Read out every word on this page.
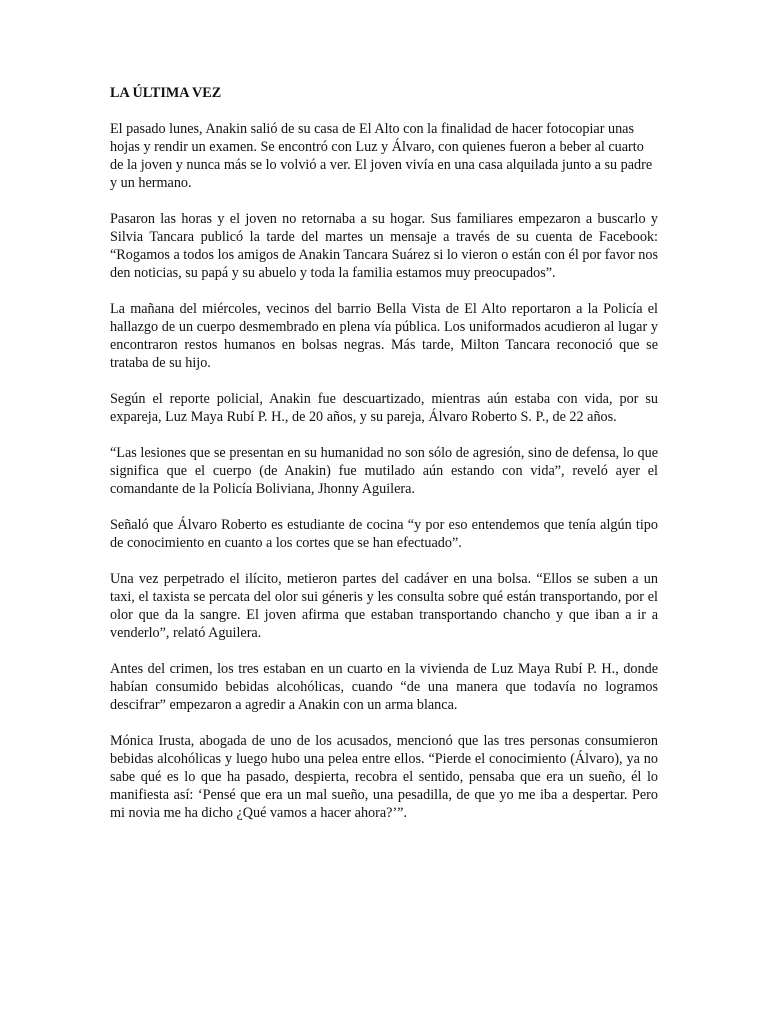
LA ÚLTIMA VEZ

El pasado lunes, Anakin salió de su casa de El Alto con la finalidad de hacer fotocopiar unas hojas y rendir un examen. Se encontró con Luz y Álvaro, con quienes fueron a beber al cuarto de la joven y nunca más se lo volvió a ver. El joven vivía en una casa alquilada junto a su padre y un hermano.

Pasaron las horas y el joven no retornaba a su hogar. Sus familiares empezaron a buscarlo y Silvia Tancara publicó la tarde del martes un mensaje a través de su cuenta de Facebook: “Rogamos a todos los amigos de Anakin Tancara Suárez si lo vieron o están con él por favor nos den noticias, su papá y su abuelo y toda la familia estamos muy preocupados”.

La mañana del miércoles, vecinos del barrio Bella Vista de El Alto reportaron a la Policía el hallazgo de un cuerpo desmembrado en plena vía pública. Los uniformados acudieron al lugar y encontraron restos humanos en bolsas negras. Más tarde, Milton Tancara reconoció que se trataba de su hijo.

Según el reporte policial, Anakin fue descuartizado, mientras aún estaba con vida, por su expareja, Luz Maya Rubí P. H., de 20 años, y su pareja, Álvaro Roberto S. P., de 22 años.

“Las lesiones que se presentan en su humanidad no son sólo de agresión, sino de defensa, lo que significa que el cuerpo (de Anakin) fue mutilado aún estando con vida”, reveló ayer el comandante de la Policía Boliviana, Jhonny Aguilera.

Señaló que Álvaro Roberto es estudiante de cocina “y por eso entendemos que tenía algún tipo de conocimiento en cuanto a los cortes que se han efectuado”.

Una vez perpetrado el ilícito, metieron partes del cadáver en una bolsa. “Ellos se suben a un taxi, el taxista se percata del olor sui géneris y les consulta sobre qué están transportando, por el olor que da la sangre. El joven afirma que estaban transportando chancho y que iban a ir a venderlo”, relató Aguilera.

Antes del crimen, los tres estaban en un cuarto en la vivienda de Luz Maya Rubí P. H., donde habían consumido bebidas alcohólicas, cuando “de una manera que todavía no logramos descifrar” empezaron a agredir a Anakin con un arma blanca.

Mónica Irusta, abogada de uno de los acusados, mencionó que las tres personas consumieron bebidas alcohólicas y luego hubo una pelea entre ellos. “Pierde el conocimiento (Álvaro), ya no sabe qué es lo que ha pasado, despierta, recobra el sentido, pensaba que era un sueño, él lo manifiesta así: ‘Pensé que era un mal sueño, una pesadilla, de que yo me iba a despertar. Pero mi novia me ha dicho ¿Qué vamos a hacer ahora?’”.
